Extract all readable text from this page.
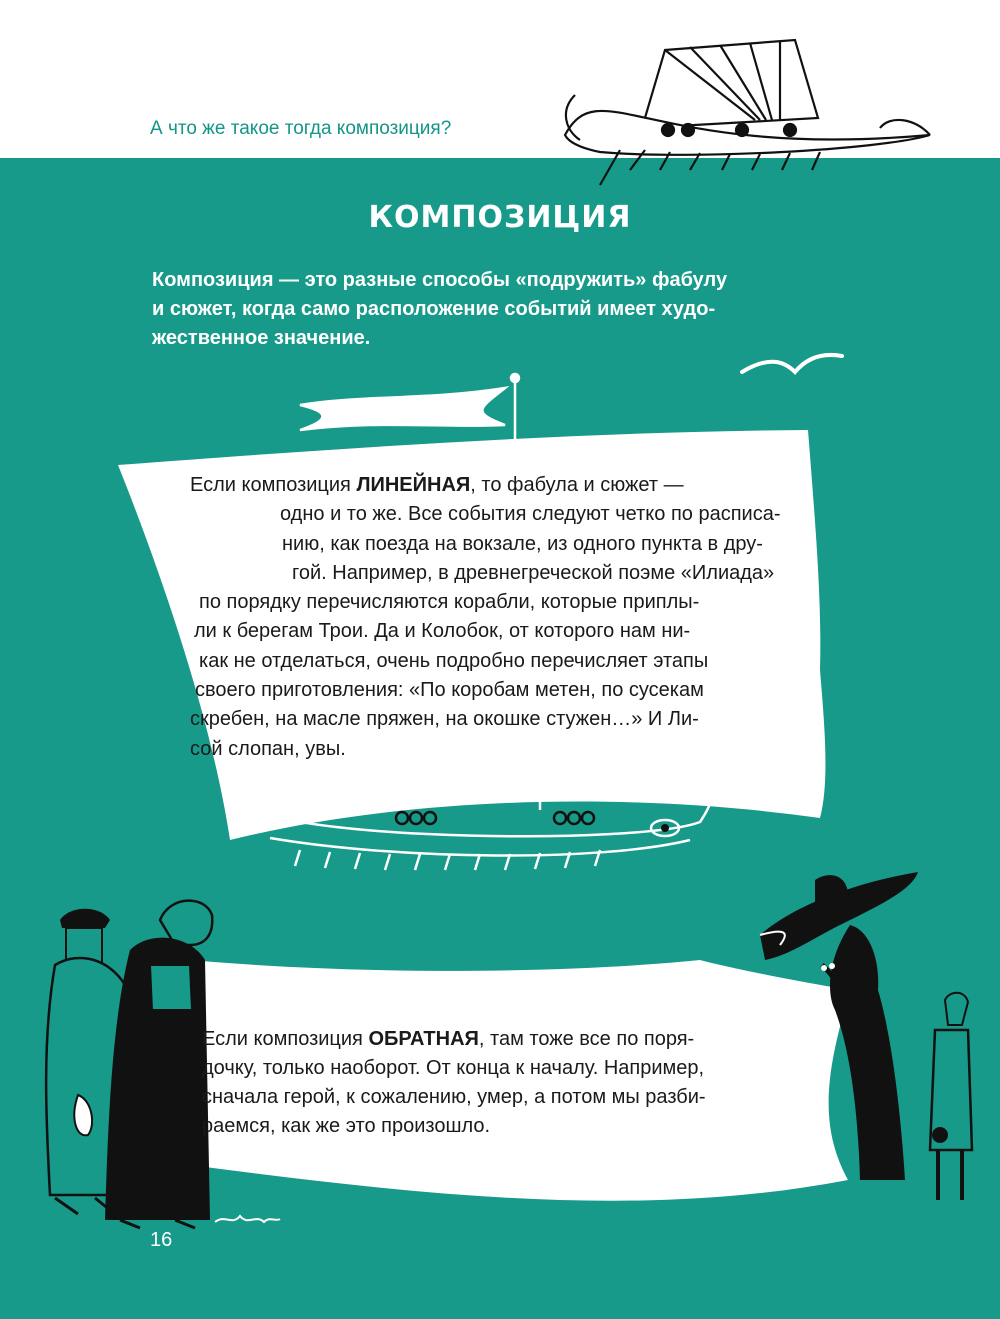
А что же такое тогда композиция?
КОМПОЗИЦИЯ
Композиция — это разные способы «подружить» фабулу
и сюжет, когда само расположение событий имеет худо-
жественное значение.
Если композиция ЛИНЕЙНАЯ, то фабула и сюжет —
одно и то же. Все события следуют четко по расписа-
нию, как поезда на вокзале, из одного пункта в дру-
гой. Например, в древнегреческой поэме «Илиада»
по порядку перечисляются корабли, которые приплы-
ли к берегам Трои. Да и Колобок, от которого нам ни-
как не отделаться, очень подробно перечисляет этапы
своего приготовления: «По коробам метен, по сусекам
скребен, на масле пряжен, на окошке стужен…» И Ли-
сой слопан, увы.
Если композиция ОБРАТНАЯ, там тоже все по поря-
дочку, только наоборот. От конца к началу. Например,
сначала герой, к сожалению, умер, а потом мы разби-
раемся, как же это произошло.
16
